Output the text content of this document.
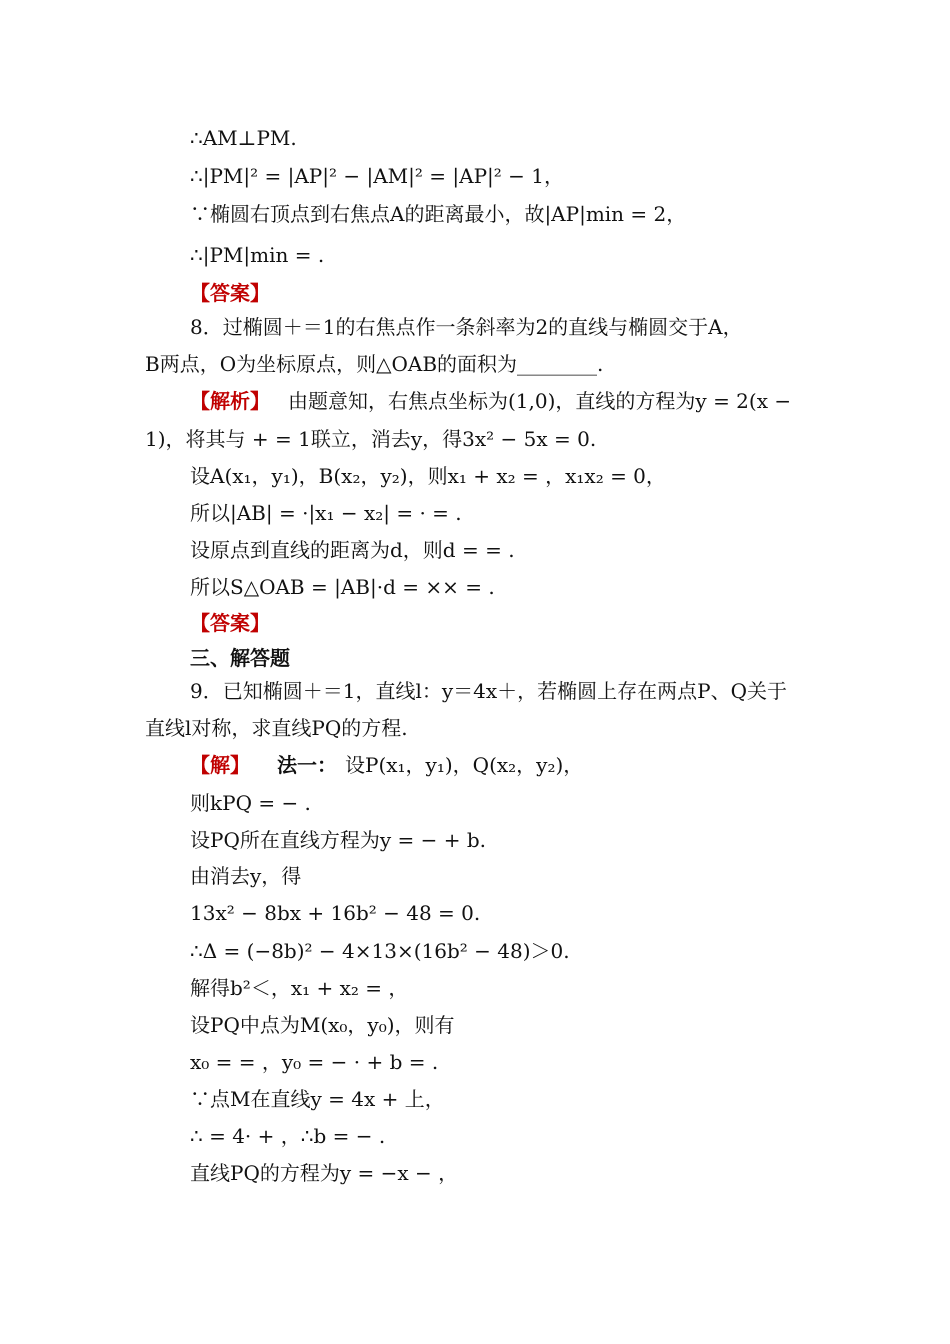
∴AM⊥PM.
∴|PM|² = |AP|² − |AM|² = |AP|² − 1，
∵椭圆右顶点到右焦点A的距离最小，故|AP|min = 2，
∴|PM|min = .
【答案】
8．过椭圆＋＝1的右焦点作一条斜率为2的直线与椭圆交于A，
B两点，O为坐标原点，则△OAB的面积为________.
【解析】 由题意知，右焦点坐标为(1,0)，直线的方程为y = 2(x −
1)，将其与 + = 1联立，消去y，得3x² − 5x = 0.
设A(x₁，y₁)，B(x₂，y₂)，则x₁ + x₂ = ，x₁x₂ = 0，
所以|AB| = ·|x₁ − x₂| = · = .
设原点到直线的距离为d，则d = = .
所以S△OAB = |AB|·d = ×× = .
【答案】
三、解答题
9．已知椭圆＋＝1，直线l：y＝4x＋，若椭圆上存在两点P、Q关于
直线l对称，求直线PQ的方程.
【解】 法一： 设P(x₁，y₁)，Q(x₂，y₂)，
则kPQ = − .
设PQ所在直线方程为y = − + b.
由消去y，得
13x² − 8bx + 16b² − 48 = 0.
∴Δ = (−8b)² − 4×13×(16b² − 48)＞0.
解得b²＜，x₁ + x₂ = ，
设PQ中点为M(x₀，y₀)，则有
x₀ = = ，y₀ = − · + b = .
∵点M在直线y = 4x + 上，
∴ = 4· + ，∴b = − .
直线PQ的方程为y = −x − ，
